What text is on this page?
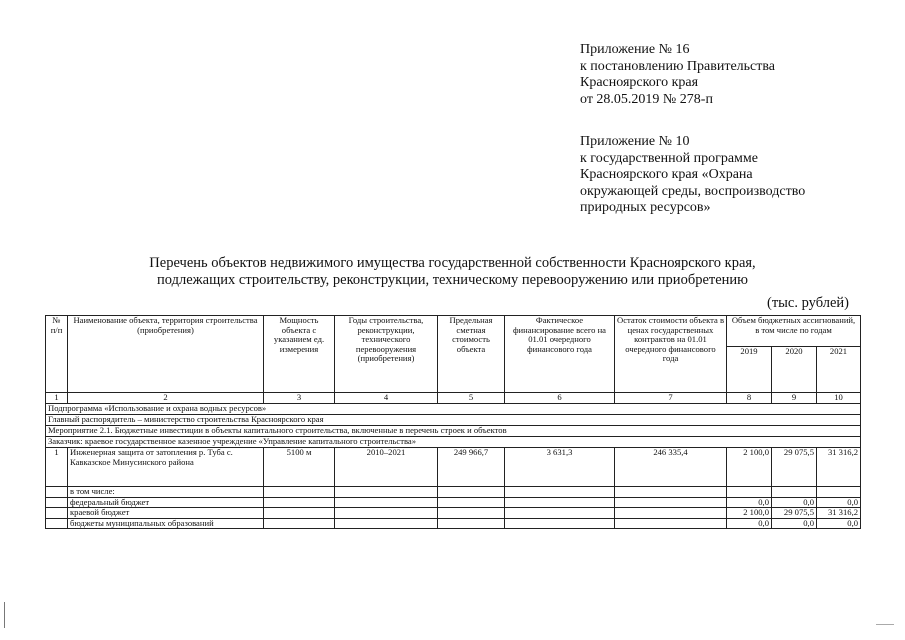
Приложение № 16
к постановлению Правительства
Красноярского края
от 28.05.2019 № 278-п
Приложение № 10
к государственной программе
Красноярского края «Охрана
окружающей среды, воспроизводство
природных ресурсов»
Перечень объектов недвижимого имущества государственной собственности Красноярского края,
подлежащих строительству, реконструкции, техническому перевооружению или приобретению
(тыс. рублей)
№ п/п	Наименование объекта, территория строительства (приобретения)	Мощность объекта с указанием ед. измерения	Годы строительства, реконструкции, технического перевооружения (приобретения)	Предельная сметная стоимость объекта	Фактическое финансирование всего на 01.01 очередного финансового года	Остаток стоимости объекта в ценах государственных контрактов на 01.01 очередного финансового года	Объем бюджетных ассигнований, в том числе по годам		
							2019	2020	2021
1	2	3	4	5	6	7	8	9	10
Подпрограмма «Использование и охрана водных ресурсов»									
Главный распорядитель – министерство строительства Красноярского края									
Мероприятие 2.1. Бюджетные инвестиции в объекты капитального строительства, включенные в перечень строек и объектов									
Заказчик: краевое государственное казенное учреждение «Управление капитального строительства»									
1	Инженерная защита от затопления р. Туба с. Кавказское Минусинского района	5100 м	2010–2021	249 966,7	3 631,3	246 335,4	2 100,0	29 075,5	31 316,2
	в том числе:								
	федеральный бюджет						0,0	0,0	0,0
	краевой бюджет						2 100,0	29 075,5	31 316,2
	бюджеты муниципальных образований						0,0	0,0	0,0
